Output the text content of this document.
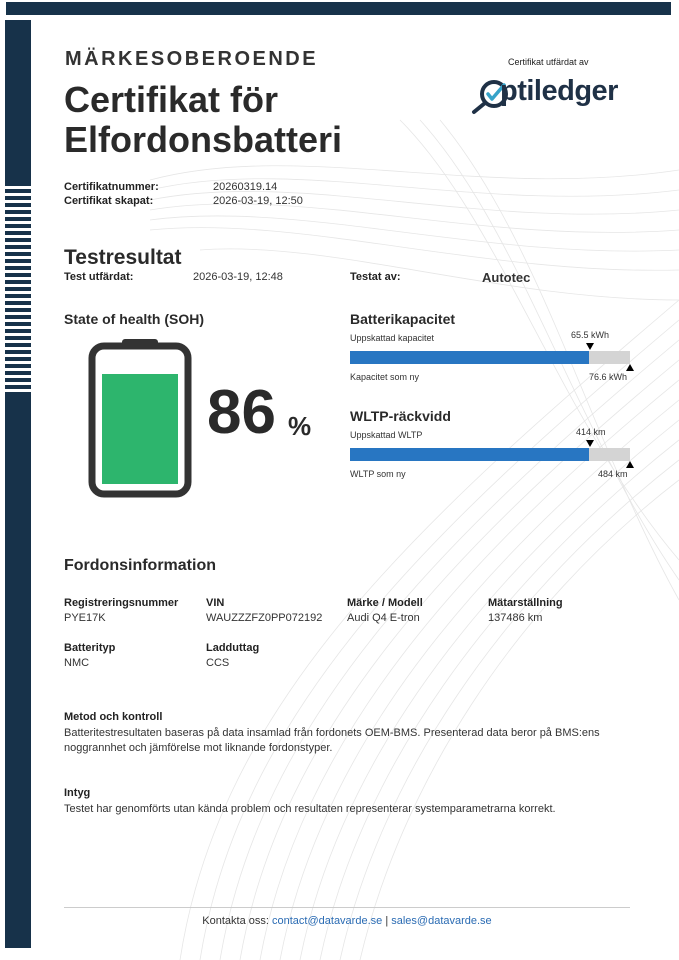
MÄRKESOBEROENDE
Certifikat för Elfordonsbatteri
Certifikat utfärdat av
ptiledger
Certifikatnummer:	20260319.14
Certifikat skapat:	2026-03-19, 12:50
Testresultat
Test utfärdat:	2026-03-19, 12:48	Testat av:	Autotec
State of health (SOH)
86 %
Batterikapacitet
Uppskattad kapacitet	65.5 kWh
Kapacitet som ny	76.6 kWh
WLTP-räckvidd
Uppskattad WLTP	414 km
WLTP som ny	484 km
Fordonsinformation
Registreringsnummer
PYE17K
VIN
WAUZZZFZ0PP072192
Märke / Modell
Audi Q4 E-tron
Mätarställning
137486 km
Batterityp
NMC
Ladduttag
CCS
Metod och kontroll
Batteritestresultaten baseras på data insamlad från fordonets OEM-BMS. Presenterad data beror på BMS:ens noggrannhet och jämförelse mot liknande fordonstyper.
Intyg
Testet har genomförts utan kända problem och resultaten representerar systemparametrarna korrekt.
Kontakta oss: contact@datavarde.se | sales@datavarde.se
